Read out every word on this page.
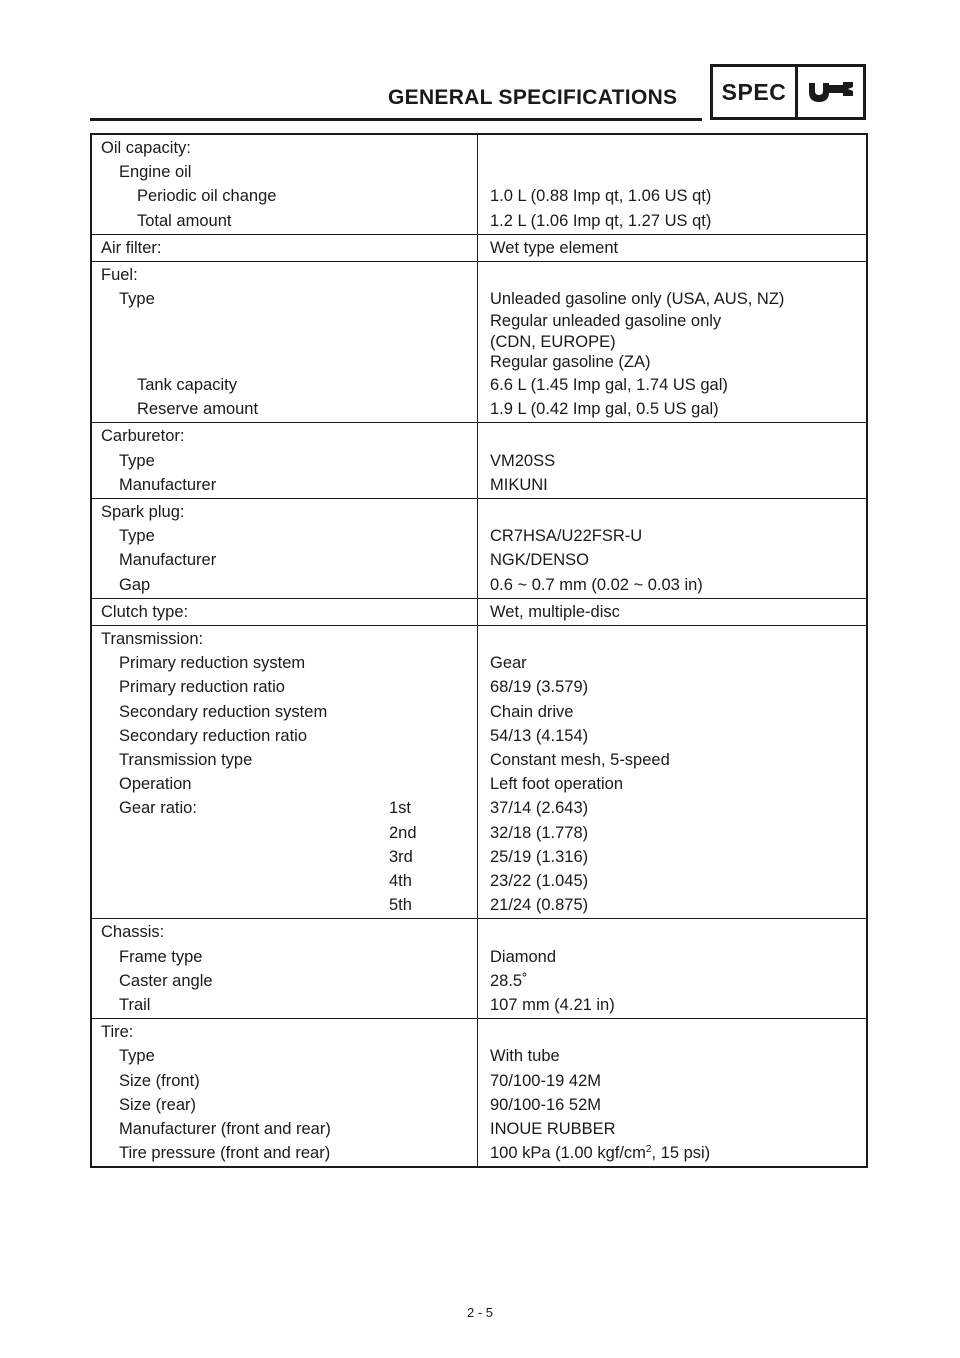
GENERAL SPECIFICATIONS	SPEC
Oil capacity:
Engine oil
Periodic oil change	1.0 L (0.88 Imp qt, 1.06 US qt)
Total amount	1.2 L (1.06 Imp qt, 1.27 US qt)
Air filter:	Wet type element
Fuel:
Type	Unleaded gasoline only (USA, AUS, NZ)
Regular unleaded gasoline only
(CDN, EUROPE)
Regular gasoline (ZA)
Tank capacity	6.6 L (1.45 Imp gal, 1.74 US gal)
Reserve amount	1.9 L (0.42 Imp gal, 0.5 US gal)
Carburetor:
Type	VM20SS
Manufacturer	MIKUNI
Spark plug:
Type	CR7HSA/U22FSR-U
Manufacturer	NGK/DENSO
Gap	0.6 ~ 0.7 mm (0.02 ~ 0.03 in)
Clutch type:	Wet, multiple-disc
Transmission:
Primary reduction system	Gear
Primary reduction ratio	68/19 (3.579)
Secondary reduction system	Chain drive
Secondary reduction ratio	54/13 (4.154)
Transmission type	Constant mesh, 5-speed
Operation	Left foot operation
Gear ratio:	1st	37/14 (2.643)
2nd	32/18 (1.778)
3rd	25/19 (1.316)
4th	23/22 (1.045)
5th	21/24 (0.875)
Chassis:
Frame type	Diamond
Caster angle	28.5˚
Trail	107 mm (4.21 in)
Tire:
Type	With tube
Size (front)	70/100-19 42M
Size (rear)	90/100-16 52M
Manufacturer (front and rear)	INOUE RUBBER
Tire pressure (front and rear)	100 kPa (1.00 kgf/$cm^2$, 15 psi)
2 - 5
